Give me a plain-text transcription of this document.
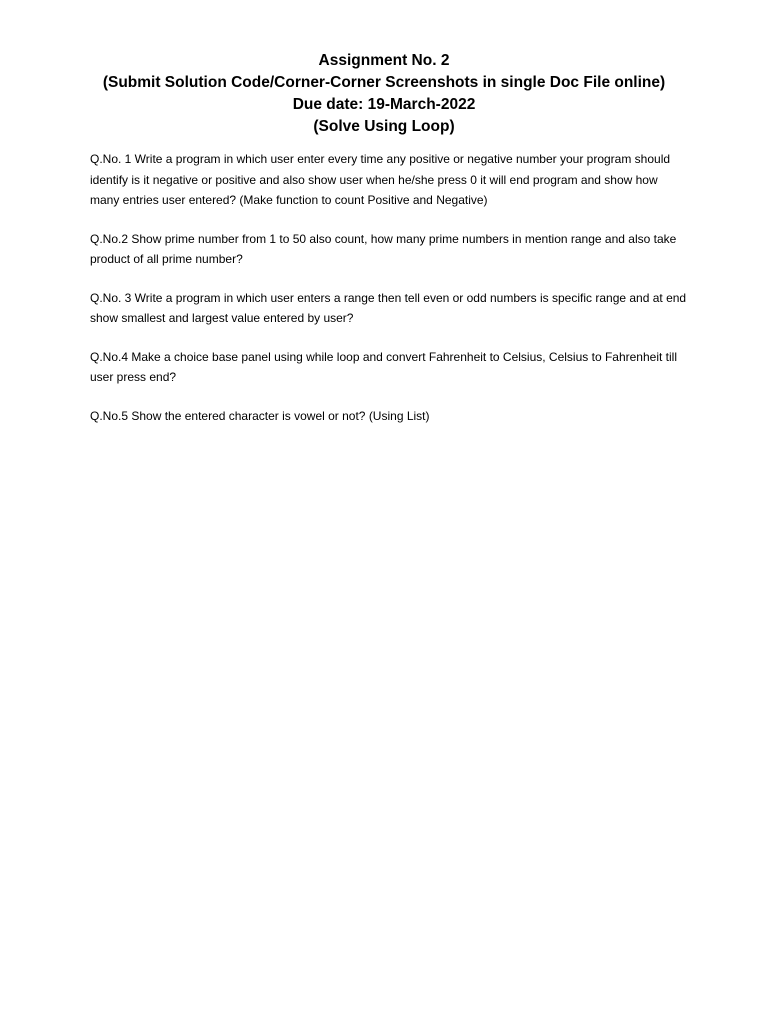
Assignment No. 2
(Submit Solution Code/Corner-Corner Screenshots in single Doc File online)
Due date: 19-March-2022
(Solve Using Loop)

Q.No. 1 Write a program in which user enter every time any positive or negative number your program should identify is it negative or positive and also show user when he/she press 0 it will end program and show how many entries user entered? (Make function to count Positive and Negative)

Q.No.2 Show prime number from 1 to 50 also count, how many prime numbers in mention range and also take product of all prime number?

Q.No. 3 Write a program in which user enters a range then tell even or odd numbers is specific range and at end show smallest and largest value entered by user?

Q.No.4 Make a choice base panel using while loop and convert Fahrenheit to Celsius, Celsius to Fahrenheit till user press end?

Q.No.5 Show the entered character is vowel or not? (Using List)
